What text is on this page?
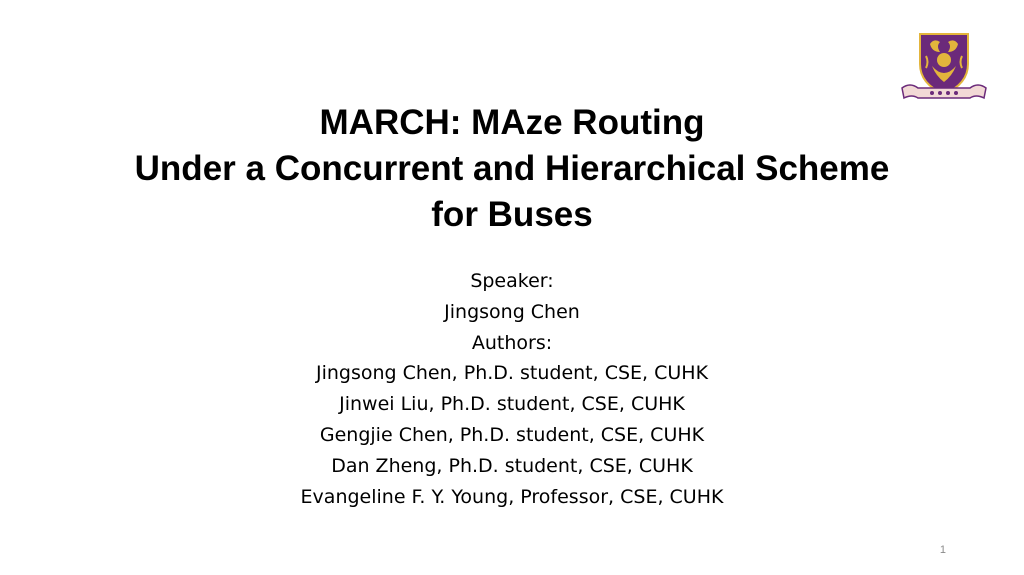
MARCH: MAze Routing
Under a Concurrent and Hierarchical Scheme
for Buses
Speaker:
Jingsong Chen
Authors:
Jingsong Chen, Ph.D. student, CSE, CUHK
Jinwei Liu, Ph.D. student, CSE, CUHK
Gengjie Chen, Ph.D. student, CSE, CUHK
Dan Zheng, Ph.D. student, CSE, CUHK
Evangeline F. Y. Young, Professor, CSE, CUHK
1
